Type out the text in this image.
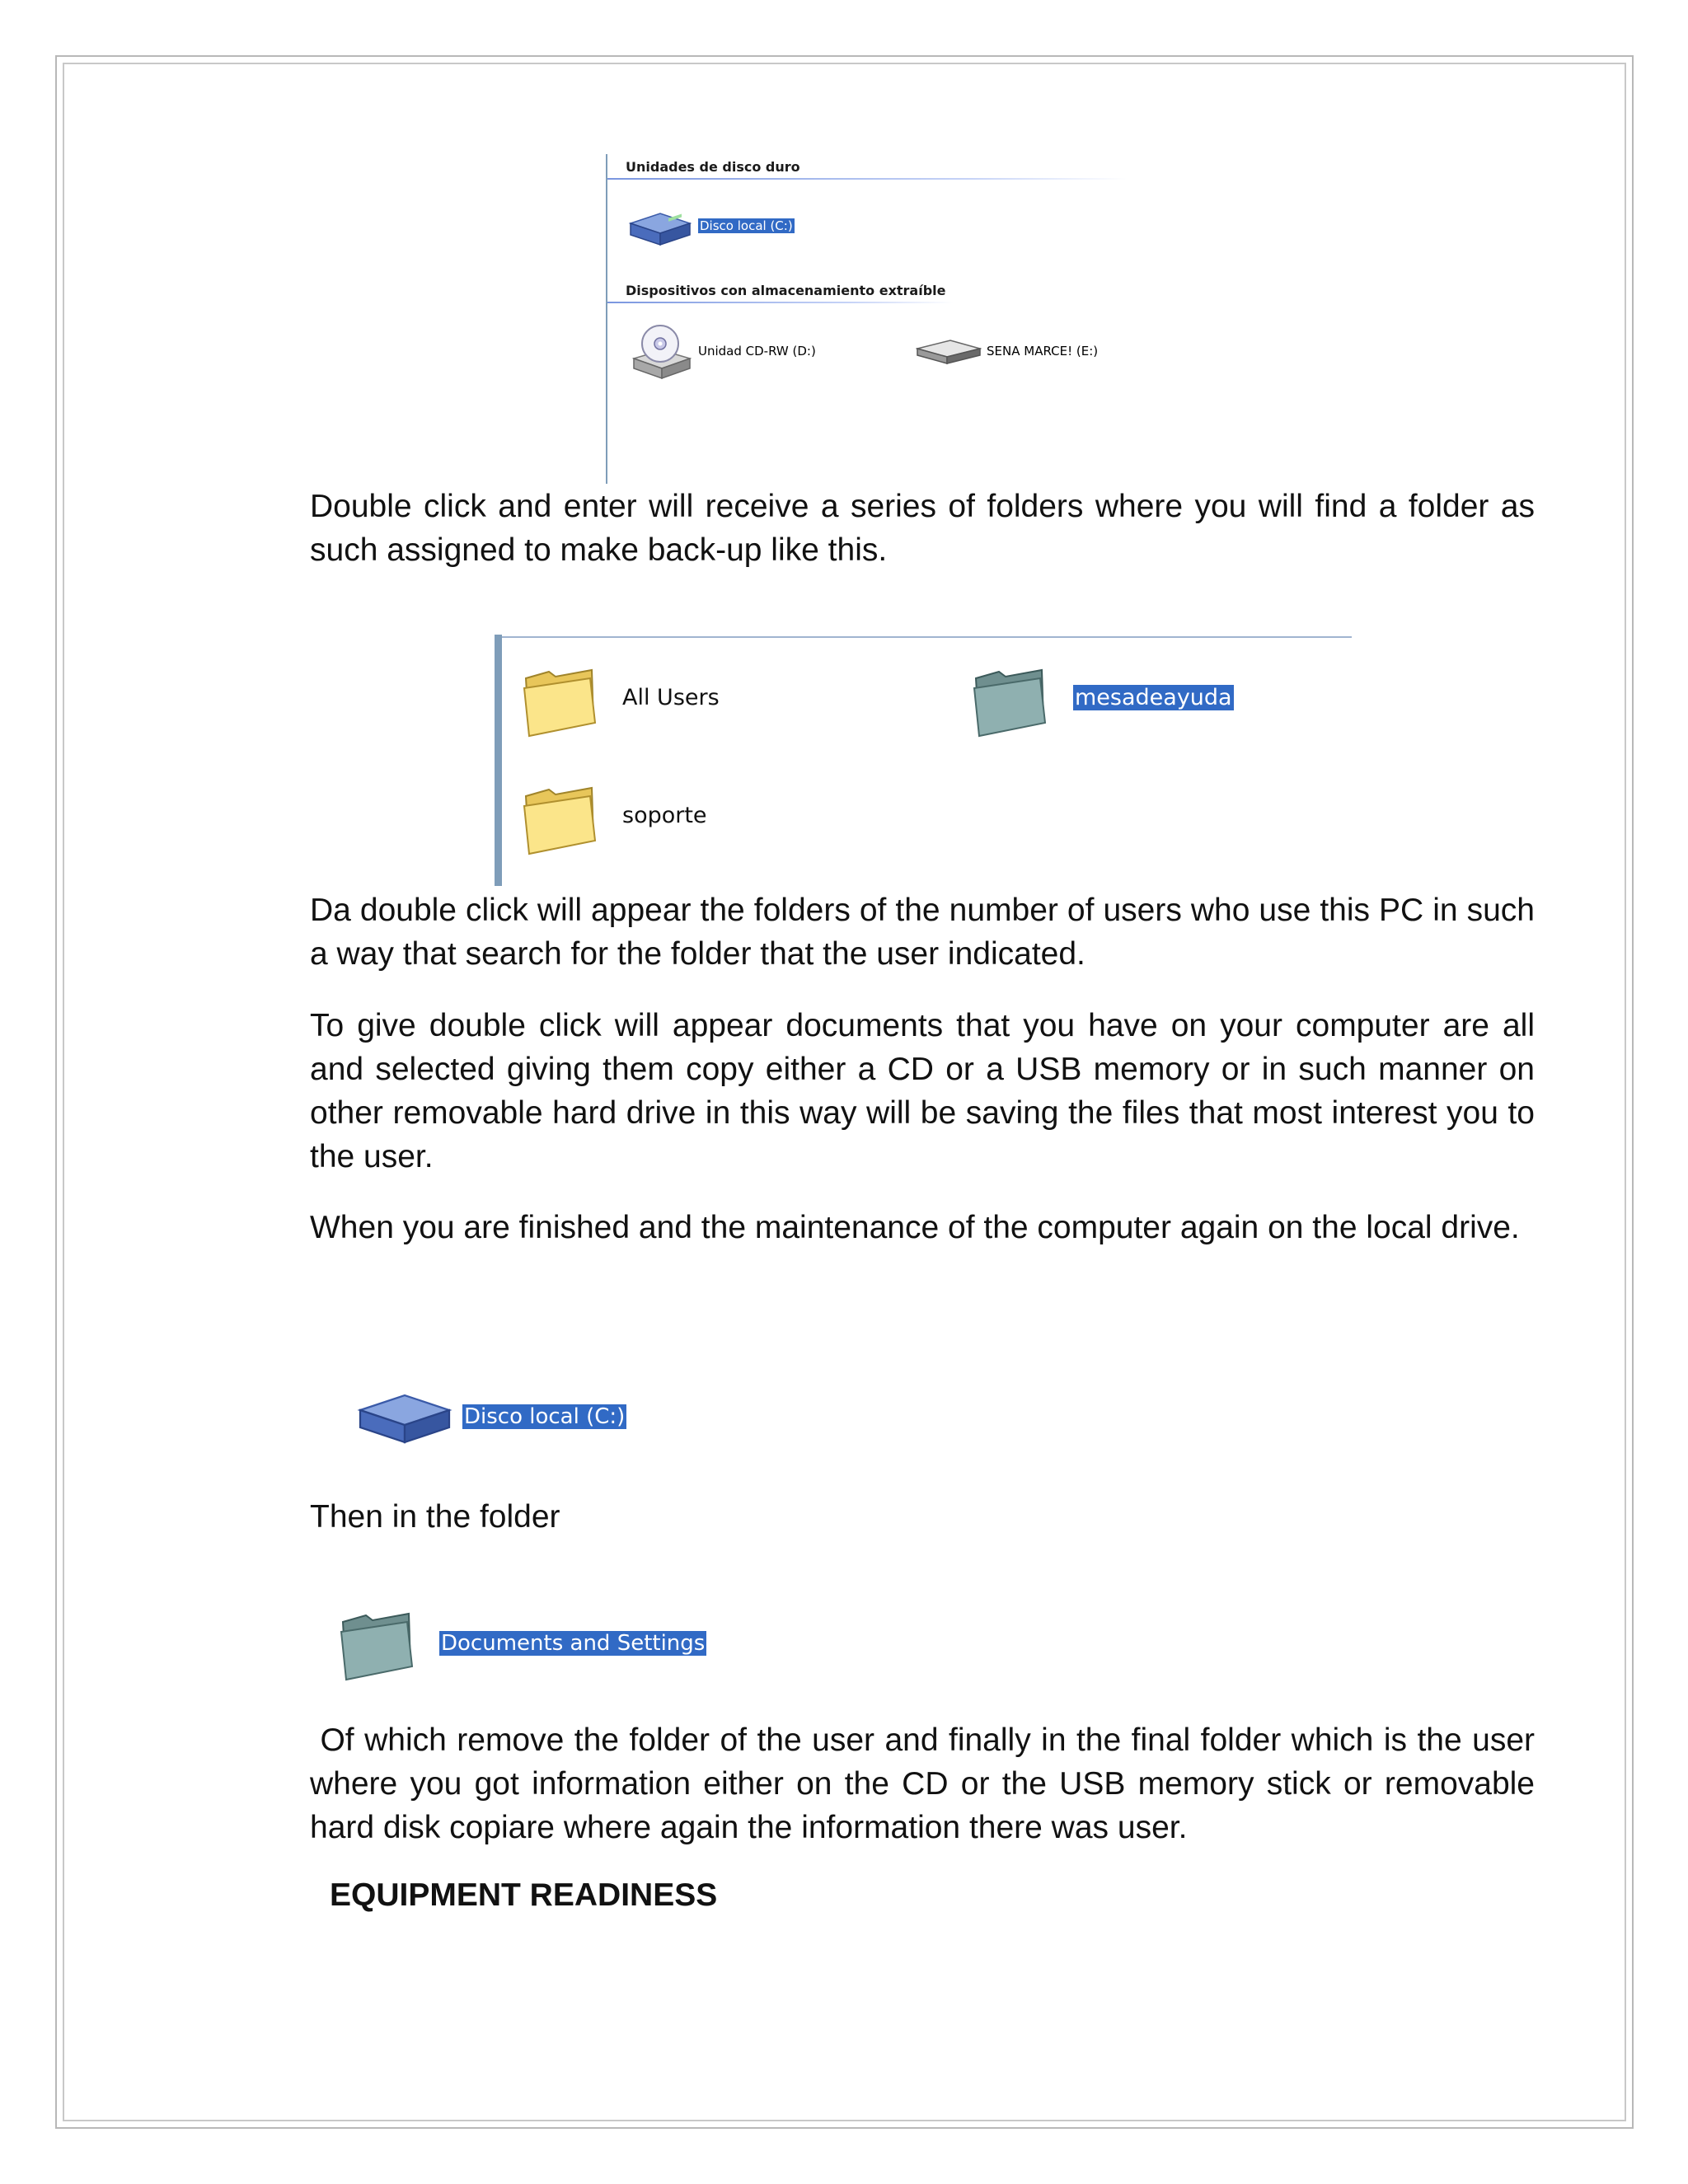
Unidades de disco duro
Disco local (C:)
Dispositivos con almacenamiento extraíble
Unidad CD-RW (D:)	SENA MARCE! (E:)

Double click and enter will receive a series of folders where you will find a folder as such assigned to make back-up like this.

All Users	mesadeayuda
soporte

Da double click will appear the folders of the number of users who use this PC in such a way that search for the folder that the user indicated.

To give double click will appear documents that you have on your computer are all and selected giving them copy either a CD or a USB memory or in such manner on other removable hard drive in this way will be saving the files that most interest you to the user.

When you are finished and the maintenance of the computer again on the local drive.

Disco local (C:)

Then in the folder

Documents and Settings

Of which remove the folder of the user and finally in the final folder which is the user where you got information either on the CD or the USB memory stick or removable hard disk copiare where again the information there was user.

EQUIPMENT READINESS
